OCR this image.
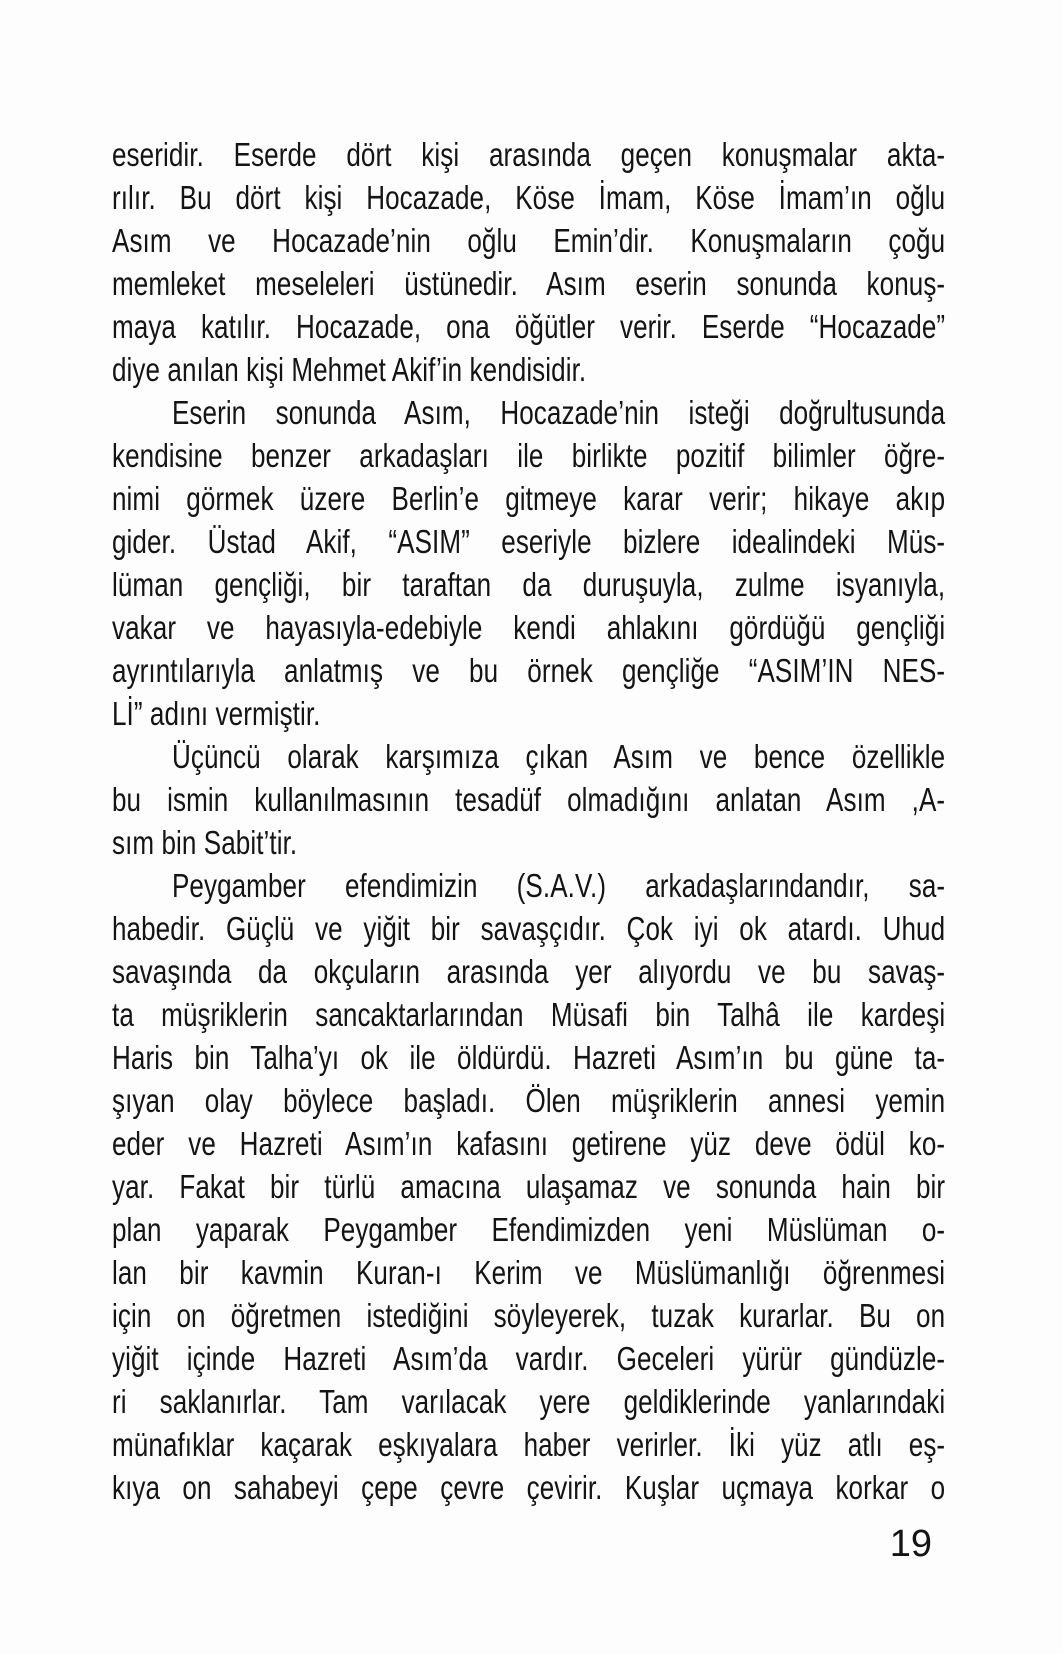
eseridir. Eserde dört kişi arasında geçen konuşmalar akta-
rılır. Bu dört kişi Hocazade, Köse İmam, Köse İmam’ın oğlu
Asım ve Hocazade’nin oğlu Emin’dir. Konuşmaların çoğu
memleket meseleleri üstünedir. Asım eserin sonunda konuş-
maya katılır. Hocazade, ona öğütler verir. Eserde “Hocazade”
diye anılan kişi Mehmet Akif’in kendisidir.
Eserin sonunda Asım, Hocazade’nin isteği doğrultusunda
kendisine benzer arkadaşları ile birlikte pozitif bilimler öğre-
nimi görmek üzere Berlin’e gitmeye karar verir; hikaye akıp
gider. Üstad Akif, “ASIM” eseriyle bizlere idealindeki Müs-
lüman gençliği, bir taraftan da duruşuyla, zulme isyanıyla,
vakar ve hayasıyla-edebiyle kendi ahlakını gördüğü gençliği
ayrıntılarıyla anlatmış ve bu örnek gençliğe “ASIM’IN NES-
Lİ” adını vermiştir.
Üçüncü olarak karşımıza çıkan Asım ve bence özellikle
bu ismin kullanılmasının tesadüf olmadığını anlatan Asım ,A-
sım bin Sabit’tir.
Peygamber efendimizin (S.A.V.) arkadaşlarındandır, sa-
habedir. Güçlü ve yiğit bir savaşçıdır. Çok iyi ok atardı. Uhud
savaşında da okçuların arasında yer alıyordu ve bu savaş-
ta müşriklerin sancaktarlarından Müsafi bin Talhâ ile kardeşi
Haris bin Talha’yı ok ile öldürdü. Hazreti Asım’ın bu güne ta-
şıyan olay böylece başladı. Ölen müşriklerin annesi yemin
eder ve Hazreti Asım’ın kafasını getirene yüz deve ödül ko-
yar. Fakat bir türlü amacına ulaşamaz ve sonunda hain bir
plan yaparak Peygamber Efendimizden yeni Müslüman o-
lan bir kavmin Kuran-ı Kerim ve Müslümanlığı öğrenmesi
için on öğretmen istediğini söyleyerek, tuzak kurarlar. Bu on
yiğit içinde Hazreti Asım’da vardır. Geceleri yürür gündüzle-
ri saklanırlar. Tam varılacak yere geldiklerinde yanlarındaki
münafıklar kaçarak eşkıyalara haber verirler. İki yüz atlı eş-
kıya on sahabeyi çepe çevre çevirir. Kuşlar uçmaya korkar o
19
